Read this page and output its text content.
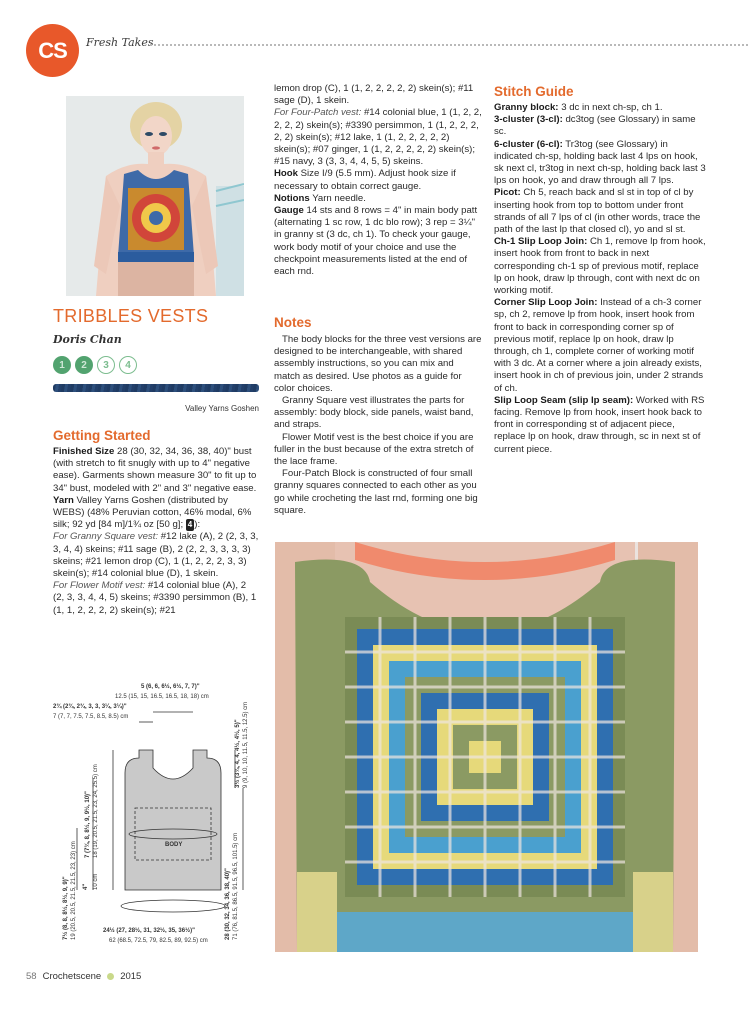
CS	Fresh Takes
TRIBBLES VESTS
Doris Chan
1	2	3	4
Valley Yarns Goshen
Getting Started

Finished Size 28 (30, 32, 34, 36, 38, 40)" bust (with stretch to fit snugly with up to 4" negative ease). Garments shown measure 30" to fit up to 34" bust, modeled with 2" and 3" negative ease.

Yarn Valley Yarns Goshen (distributed by WEBS) (48% Peruvian cotton, 46% modal, 6% silk; 92 yd [84 m]/1¾ oz [50 g]; 4 ):

For Granny Square vest: #12 lake (A), 2 (2, 3, 3, 3, 4, 4) skeins; #11 sage (B), 2 (2, 2, 3, 3, 3, 3) skeins; #21 lemon drop (C), 1 (1, 2, 2, 2, 3, 3) skein(s); #14 colonial blue (D), 1 skein.

For Flower Motif vest: #14 colonial blue (A), 2 (2, 3, 3, 4, 4, 5) skeins; #3390 persimmon (B), 1 (1, 1, 2, 2, 2, 2) skein(s); #21

lemon drop (C), 1 (1, 2, 2, 2, 2, 2) skein(s); #11 sage (D), 1 skein.

For Four-Patch vest: #14 colonial blue, 1 (1, 2, 2, 2, 2, 2) skein(s); #3390 persimmon, 1 (1, 2, 2, 2, 2, 2) skein(s); #12 lake, 1 (1, 2, 2, 2, 2, 2) skein(s); #07 ginger, 1 (1, 2, 2, 2, 2, 2) skein(s); #15 navy, 3 (3, 3, 4, 4, 5, 5) skeins.

Hook Size I/9 (5.5 mm). Adjust hook size if necessary to obtain correct gauge.

Notions Yarn needle.

Gauge 14 sts and 8 rows = 4" in main body patt (alternating 1 sc row, 1 dc blo row); 3 rep = 3¼" in granny st (3 dc, ch 1). To check your gauge, work body motif of your choice and use the checkpoint measurements listed at the end of each rnd.

Notes

The body blocks for the three vest versions are designed to be interchangeable, with shared assembly instructions, so you can mix and match as desired. Use photos as a guide for color choices.

Granny Square vest illustrates the parts for assembly: body block, side panels, waist band, and straps.

Flower Motif vest is the best choice if you are fuller in the bust because of the extra stretch of the lace frame.

Four-Patch Block is constructed of four small granny squares connected to each other as you go while crocheting the last rnd, forming one big square.

Stitch Guide

Granny block: 3 dc in next ch-sp, ch 1.

3-cluster (3-cl): dc3tog (see Glossary) in same sc.

6-cluster (6-cl): Tr3tog (see Glossary) in indicated ch-sp, holding back last 4 lps on hook, sk next cl, tr3tog in next ch-sp, holding back last 3 lps on hook, yo and draw through all 7 lps.

Picot: Ch 5, reach back and sl st in top of cl by inserting hook from top to bottom under front strands of all 7 lps of cl (in other words, trace the path of the last lp that closed cl), yo and sl st.

Ch-1 Slip Loop Join: Ch 1, remove lp from hook, insert hook from front to back in next corresponding ch-1 sp of previous motif, replace lp on hook, draw lp through, cont with next dc on working motif.

Corner Slip Loop Join: Instead of a ch-3 corner sp, ch 2, remove lp from hook, insert hook from front to back in corresponding corner sp of previous motif, replace lp on hook, draw lp through, ch 1, complete corner of working motif with 3 dc. At a corner where a join already exists, insert hook in ch of previous join, under 2 strands of ch.

Slip Loop Seam (slip lp seam): Worked with RS facing. Remove lp from hook, insert hook back to front in corresponding st of adjacent piece, replace lp on hook, draw through, sc in next st of current piece.

5 (6, 6, 6½, 6½, 7, 7)"
12.5 (15, 15, 16.5, 16.5, 18, 18) cm
2¾ (2¾, 2¾, 3, 3, 3¼, 3¼)"
7 (7, 7, 7.5, 7.5, 8.5, 8.5) cm
BODY
3½ (3¾, 4, 4, 4½, 4½, 5)" 9 (9, 10, 10, 11.5, 11.5, 12.5) cm
7 (7¾, 8, 8½, 9, 9½, 10)" 18 (19, 20.5, 21.5, 23, 24, 25.5) cm
7½ (8, 8, 8½, 8½, 9, 9)" 19 (20.5, 20.5, 21.5, 21.5, 23, 23) cm 4" 10 cm	28 (30, 32, 34, 36, 38, 40)" 71 (76, 81.5, 86.5, 91.5, 96.5, 101.5) cm
24½ (27, 28½, 31, 32½, 35, 36½)"
62 (68.5, 72.5, 79, 82.5, 89, 92.5) cm
58 Crochetscene 2015
